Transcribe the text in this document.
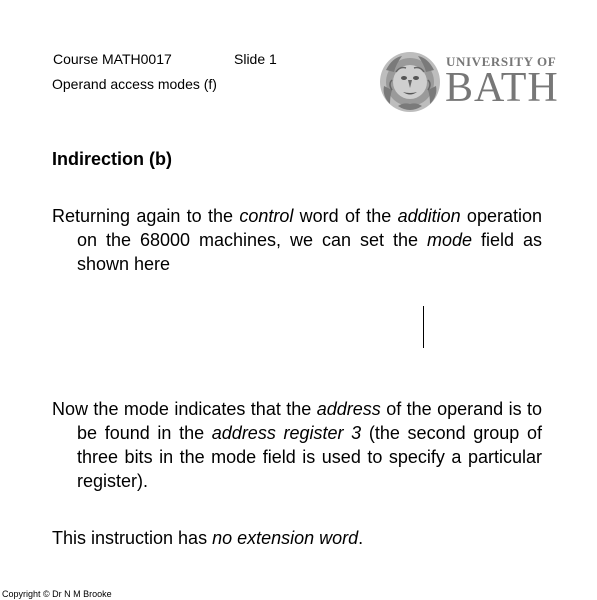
Course MATH0017	Slide 1
Operand access modes (f)
UNIVERSITY OF
BATH
Indirection (b)
Returning again to the control word of the addition operation on the 68000 machines, we can set the mode field as shown here
Now the mode indicates that the address of the operand is to be found in the address register 3 (the second group of three bits in the mode field is used to specify a particular register).
This instruction has no extension word.
Copyright © Dr N M Brooke
